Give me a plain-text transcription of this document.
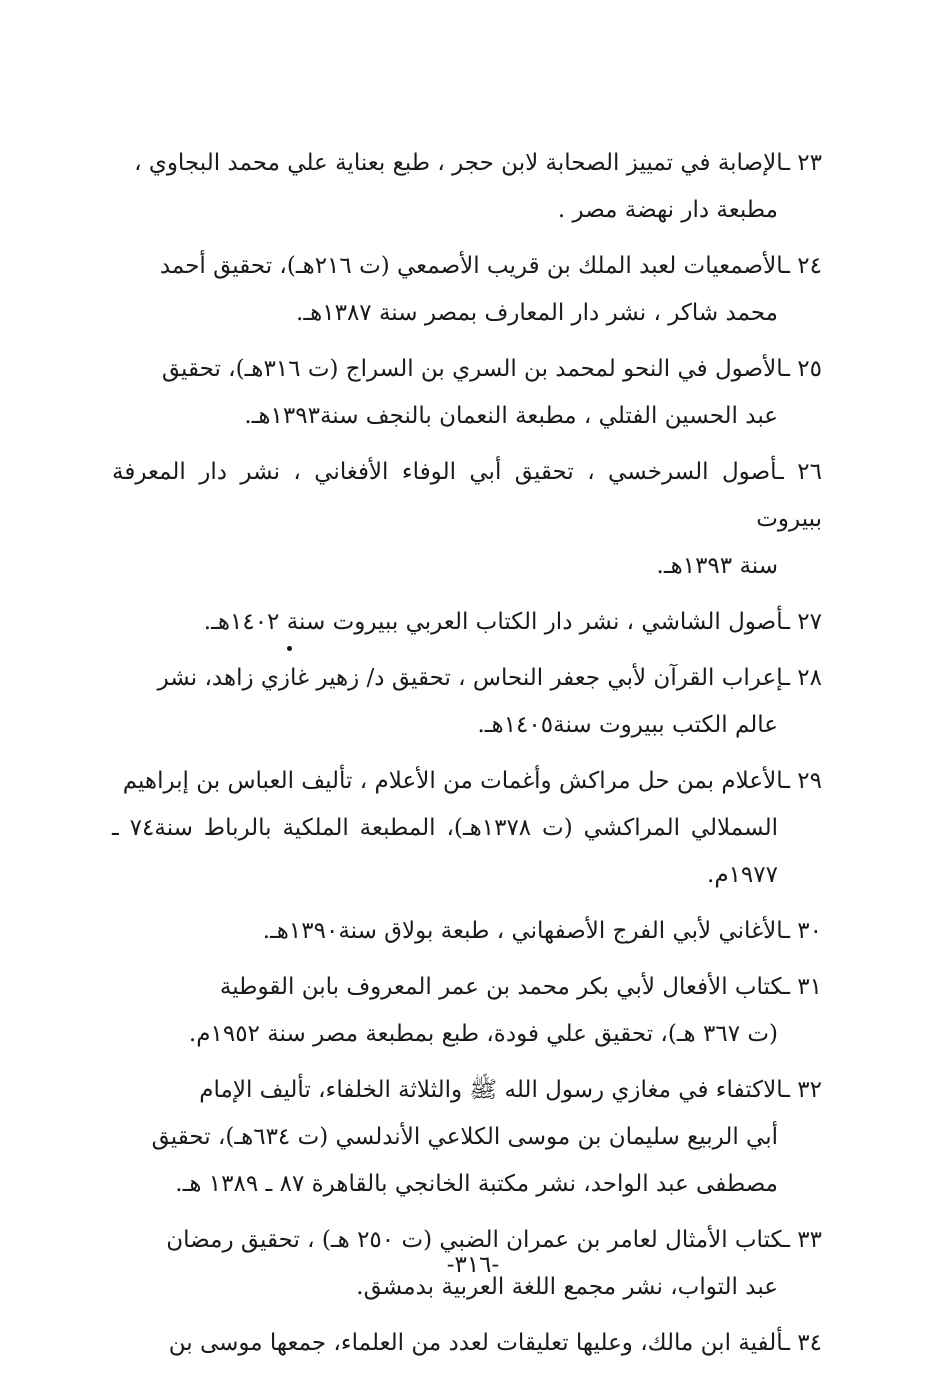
٢٣ ـالإصابة في تمييز الصحابة لابن حجر ، طبع بعناية علي محمد البجاوي ،
مطبعة دار نهضة مصر .

٢٤ ـالأصمعيات لعبد الملك بن قريب الأصمعي (ت ٢١٦هـ)، تحقيق أحمد
محمد شاكر ، نشر دار المعارف بمصر سنة ١٣٨٧هـ.

٢٥ ـالأصول في النحو لمحمد بن السري بن السراج (ت ٣١٦هـ)، تحقيق
عبد الحسين الفتلي ، مطبعة النعمان بالنجف سنة١٣٩٣هـ.

٢٦ ـأصول السرخسي ، تحقيق أبي الوفاء الأفغاني ، نشر دار المعرفة ببيروت
سنة ١٣٩٣هـ.

٢٧ ـأصول الشاشي ، نشر دار الكتاب العربي ببيروت سنة ١٤٠٢هـ.

٢٨ ـإعراب القرآن لأبي جعفر النحاس ، تحقيق د/ زهير غازي زاهد، نشر
عالم الكتب ببيروت سنة١٤٠٥هـ.

٢٩ ـالأعلام بمن حل مراكش وأغمات من الأعلام ، تأليف العباس بن إبراهيم
السملالي المراكشي (ت ١٣٧٨هـ)، المطبعة الملكية بالرباط سنة٧٤ ـ ١٩٧٧م.

٣٠ ـالأغاني لأبي الفرج الأصفهاني ، طبعة بولاق سنة١٣٩٠هـ.

٣١ ـكتاب الأفعال لأبي بكر محمد بن عمر المعروف بابن القوطية
(ت ٣٦٧ هـ)، تحقيق علي فودة، طبع بمطبعة مصر سنة ١٩٥٢م.

٣٢ ـالاكتفاء في مغازي رسول الله ﷺ والثلاثة الخلفاء، تأليف الإمام
أبي الربيع سليمان بن موسى الكلاعي الأندلسي (ت ٦٣٤هـ)، تحقيق
مصطفى عبد الواحد، نشر مكتبة الخانجي بالقاهرة ٨٧ ـ ١٣٨٩ هـ.

٣٣ ـكتاب الأمثال لعامر بن عمران الضبي (ت ٢٥٠ هـ) ، تحقيق رمضان
عبد التواب، نشر مجمع اللغة العربية بدمشق.

٣٤ ـألفية ابن مالك، وعليها تعليقات لعدد من العلماء، جمعها موسى بن

-٣١٦-
